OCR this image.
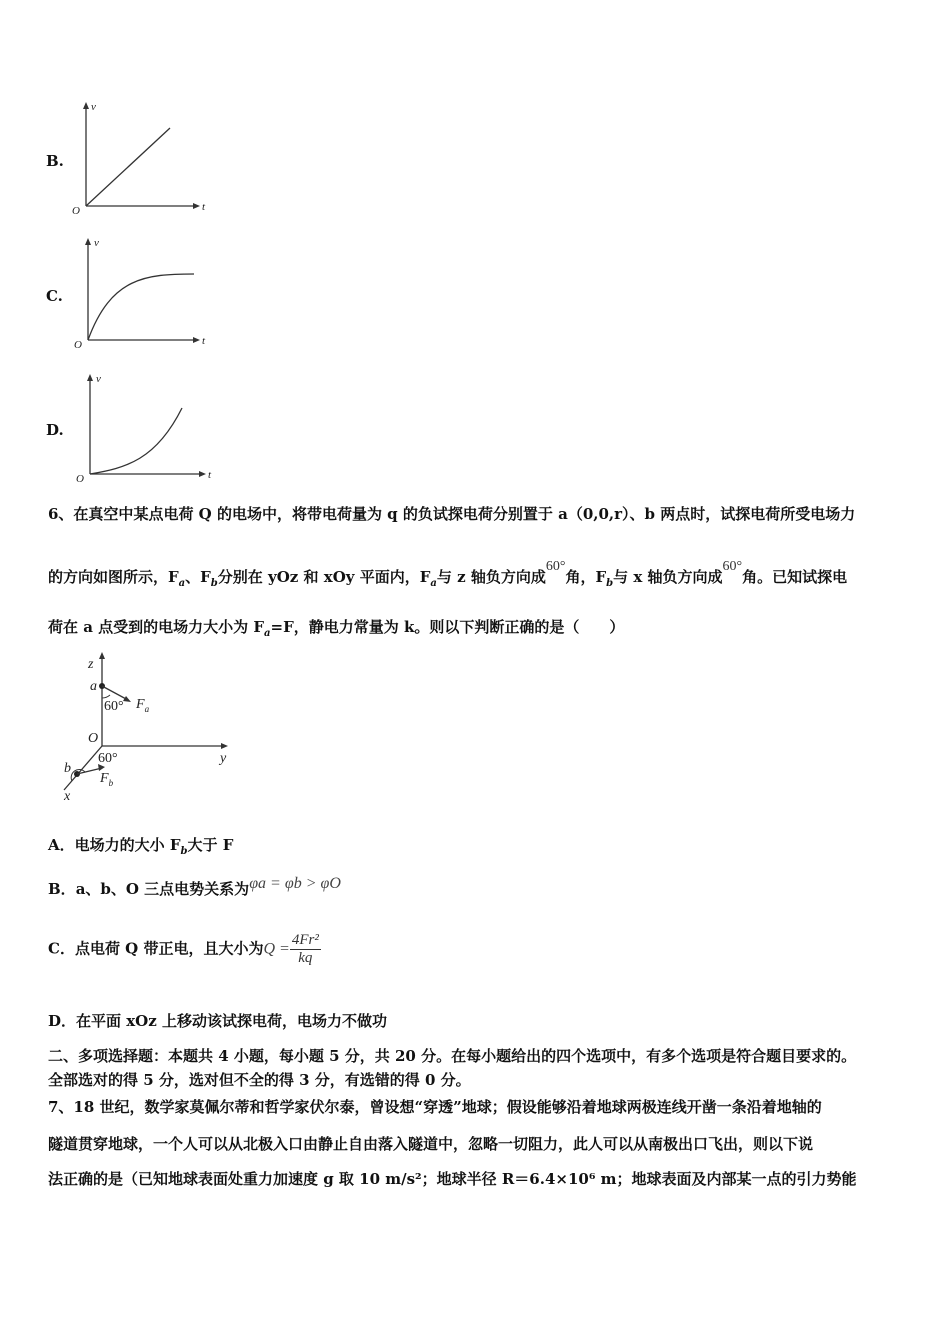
B.
v
t
O
C.
v
t
O
D.
v
t
O
6、在真空中某点电荷 Q 的电场中，将带电荷量为 q 的负试探电荷分别置于 a（0,0,r）、b 两点时，试探电荷所受电场力
的方向如图所示，$F_a$、$F_b$分别在 yOz 和 xOy 平面内，$F_a$与 z 轴负方向成60°角，$F_b$与 x 轴负方向成60°角。已知试探电
荷在 a 点受到的电场力大小为 $F_a=F$，静电力常量为 k。则以下判断正确的是（　　）
z
a
60° $F_a$
O
y
b
60°
$F_b$
x
A．电场力的大小 $F_b$大于 F
B．a、b、O 三点电势关系为φa = φb > φO
C．点电荷 Q 带正电，且大小为$Q = \frac{\text{4Fr²}}{kq}$
D．在平面 xOz 上移动该试探电荷，电场力不做功
二、多项选择题：本题共 4 小题，每小题 5 分，共 20 分。在每小题给出的四个选项中，有多个选项是符合题目要求的。
全部选对的得 5 分，选对但不全的得 3 分，有选错的得 0 分。
7、18 世纪，数学家莫佩尔蒂和哲学家伏尔泰，曾设想“穿透”地球；假设能够沿着地球两极连线开凿一条沿着地轴的
隧道贯穿地球，一个人可以从北极入口由静止自由落入隧道中，忽略一切阻力，此人可以从南极出口飞出，则以下说
法正确的是（已知地球表面处重力加速度 g 取 10 m/s²；地球半径 R＝6.4×10⁶ m；地球表面及内部某一点的引力势能
